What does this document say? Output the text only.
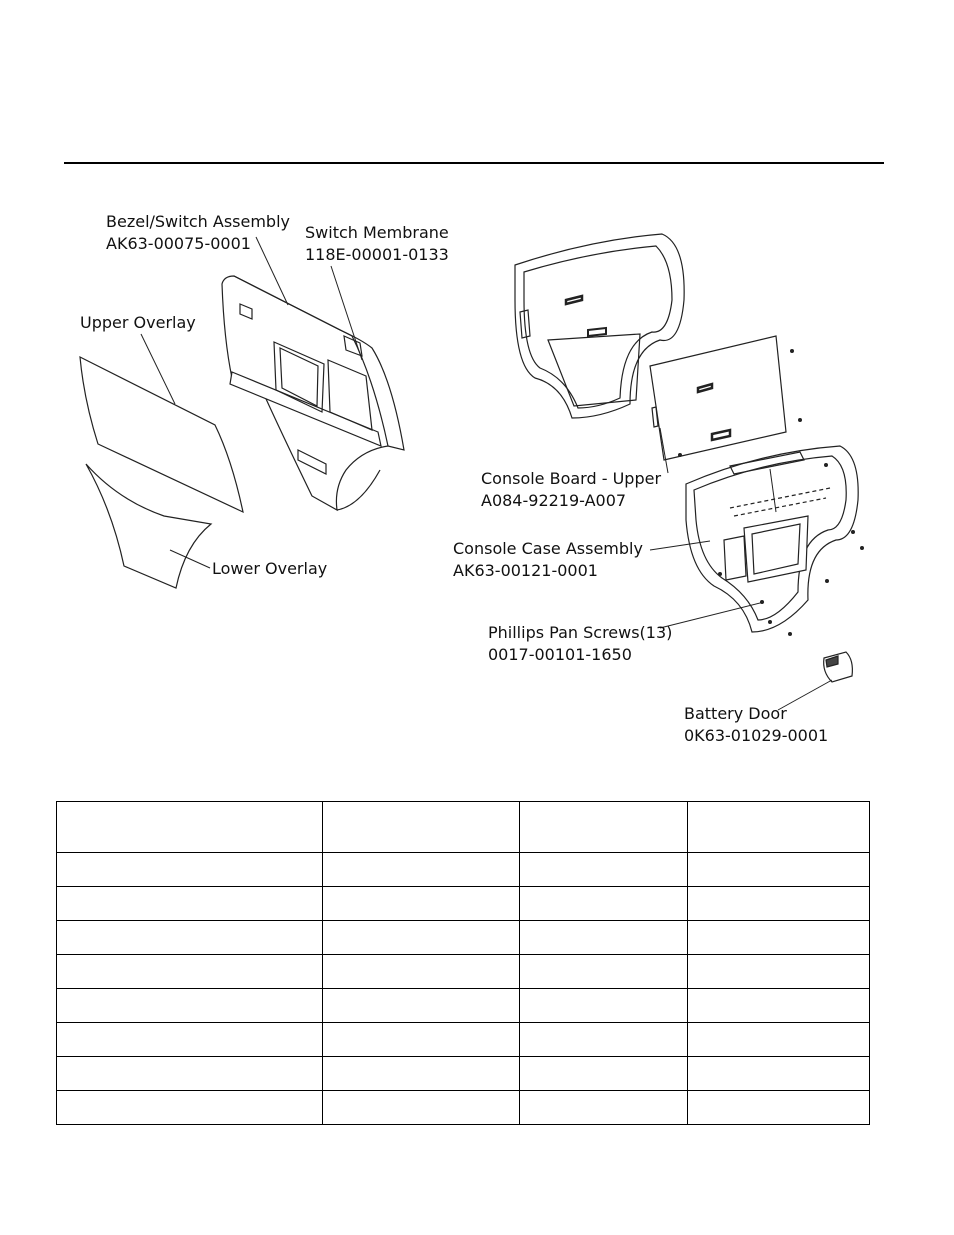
Bezel/Switch Assembly
AK63-00075-0001
Switch Membrane
118E-00001-0133
Upper Overlay
Lower Overlay
Console Board - Upper
A084-92219-A007
Console Case Assembly
AK63-00121-0001
Phillips Pan Screws(13)
0017-00101-1650
Battery Door
0K63-01029-0001
